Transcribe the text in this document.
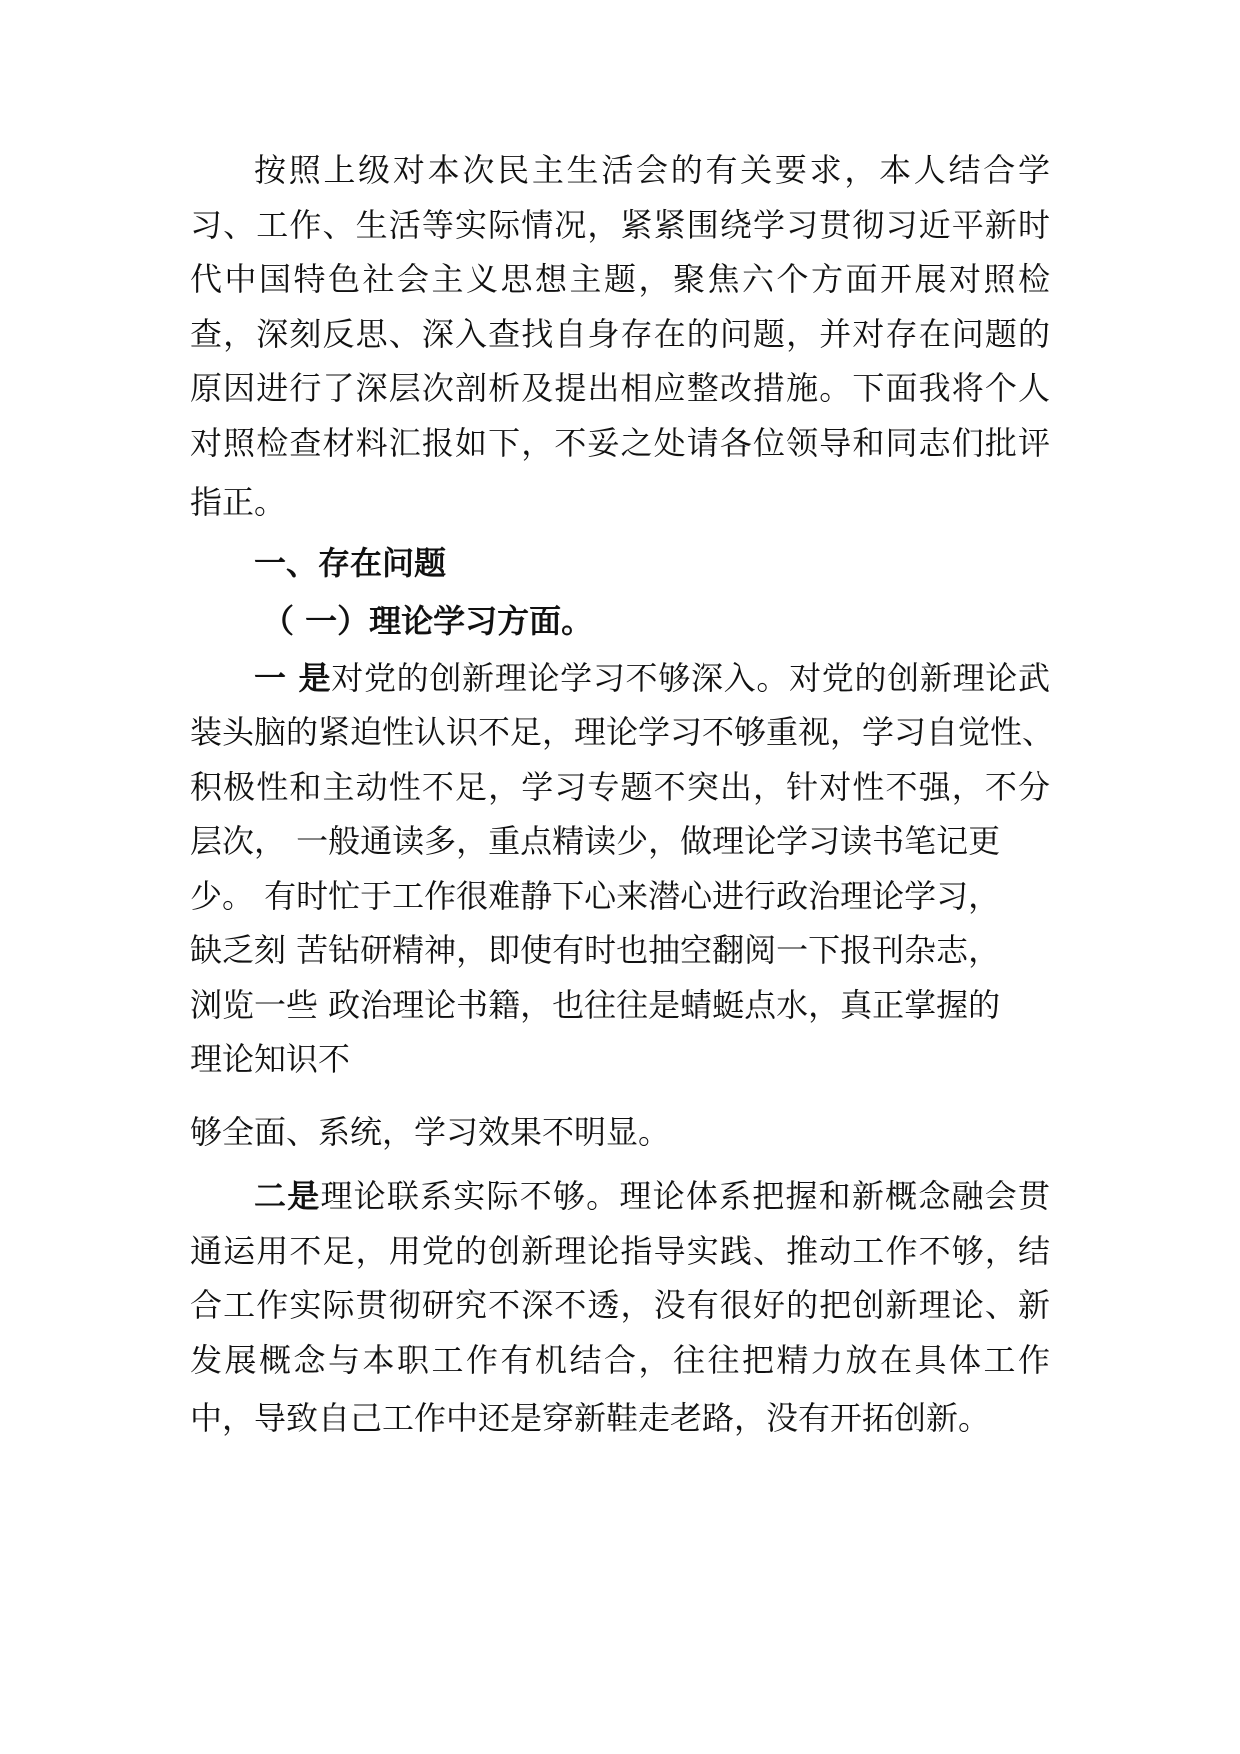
按照上级对本次民主生活会的有关要求，本人结合学
习、工作、生活等实际情况，紧紧围绕学习贯彻习近平新时
代中国特色社会主义思想主题，聚焦六个方面开展对照检
查，深刻反思、深入查找自身存在的问题，并对存在问题的
原因进行了深层次剖析及提出相应整改措施。下面我将个人
对照检查材料汇报如下，不妥之处请各位领导和同志们批评
指正。
一、存在问题
（ 一）理论学习方面。
一 是对党的创新理论学习不够深入。对党的创新理论武
装头脑的紧迫性认识不足，理论学习不够重视，学习自觉性、
积极性和主动性不足，学习专题不突出，针对性不强，不分
层次， 一般通读多，重点精读少，做理论学习读书笔记更
少。 有时忙于工作很难静下心来潜心进行政治理论学习，
缺乏刻 苦钻研精神，即使有时也抽空翻阅一下报刊杂志，
浏览一些 政治理论书籍，也往往是蜻蜓点水，真正掌握的
理论知识不
够全面、系统，学习效果不明显。
二是理论联系实际不够。理论体系把握和新概念融会贯
通运用不足，用党的创新理论指导实践、推动工作不够，结
合工作实际贯彻研究不深不透，没有很好的把创新理论、新
发展概念与本职工作有机结合，往往把精力放在具体工作
中，导致自己工作中还是穿新鞋走老路，没有开拓创新。
